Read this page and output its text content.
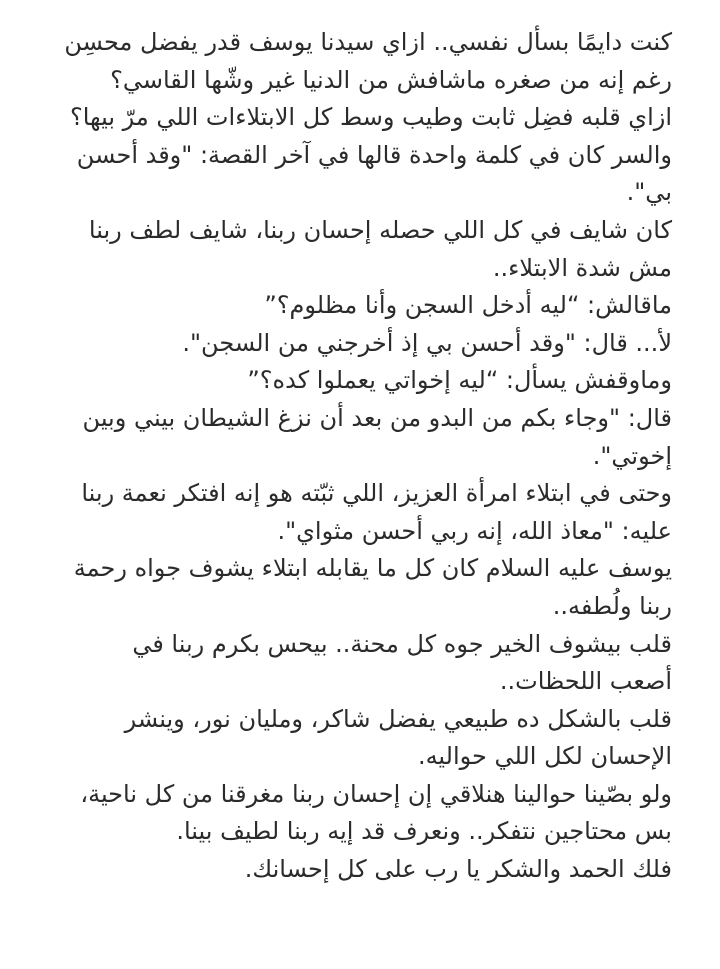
كنت دايمًا بسأل نفسي.. ازاي سيدنا يوسف قدر يفضل محسِن
رغم إنه من صغره ماشافش من الدنيا غير وشّها القاسي؟
ازاي قلبه فضِل ثابت وطيب وسط كل الابتلاءات اللي مرّ بيها؟
والسر كان في كلمة واحدة قالها في آخر القصة: "وقد أحسن
بي".
كان شايف في كل اللي حصله إحسان ربنا، شايف لطف ربنا
مش شدة الابتلاء..
ماقالش: “ليه أدخل السجن وأنا مظلوم؟”
لأ... قال: "وقد أحسن بي إذ أخرجني من السجن".
وماوقفش يسأل: “ليه إخواتي يعملوا كده؟”
قال: "وجاء بكم من البدو من بعد أن نزغ الشيطان بيني وبين
إخوتي".
وحتى في ابتلاء امرأة العزيز، اللي ثبّته هو إنه افتكر نعمة ربنا
عليه: "معاذ الله، إنه ربي أحسن مثواي".
يوسف عليه السلام كان كل ما يقابله ابتلاء يشوف جواه رحمة
ربنا ولُطفه..
قلب بيشوف الخير جوه كل محنة.. بيحس بكرم ربنا في
أصعب اللحظات..
قلب بالشكل ده طبيعي يفضل شاكر، ومليان نور، وينشر
الإحسان لكل اللي حواليه.
ولو بصّينا حوالينا هنلاقي إن إحسان ربنا مغرقنا من كل ناحية،
بس محتاجين نتفكر.. ونعرف قد إيه ربنا لطيف بينا.
فلك الحمد والشكر يا رب على كل إحسانك.
